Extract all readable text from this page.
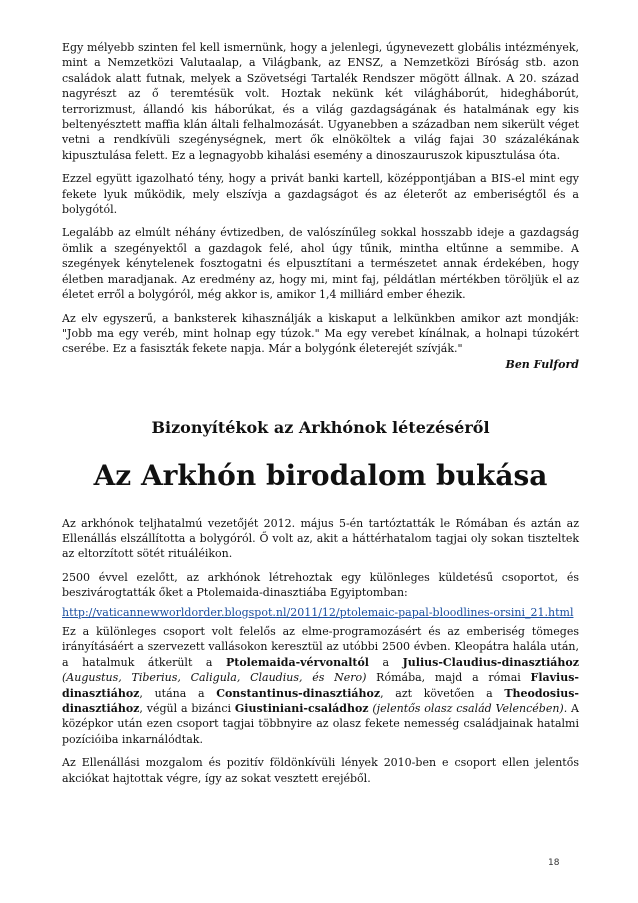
Egy mélyebb szinten fel kell ismernünk, hogy a jelenlegi, úgynevezett globális intézmények, mint a Nemzetközi Valutaalap, a Világbank, az ENSZ, a Nemzetközi Bíróság stb. azon családok alatt futnak, melyek a Szövetségi Tartalék Rendszer mögött állnak. A 20. század nagyrészt az ő teremtésük volt. Hoztak nekünk két világháborút, hidegháborút, terrorizmust, állandó kis háborúkat, és a világ gazdagságának és hatalmának egy kis beltenyésztett maffia klán általi felhalmozását. Ugyanebben a században nem sikerült véget vetni a rendkívüli szegénységnek, mert ők elnököltek a világ fajai 30 százalékának kipusztulása felett. Ez a legnagyobb kihalási esemény a dinoszauruszok kipusztulása óta.

Ezzel együtt igazolható tény, hogy a privát banki kartell, középpontjában a BIS-el mint egy fekete lyuk működik, mely elszívja a gazdagságot és az életerőt az emberiségtől és a bolygótól.

Legalább az elmúlt néhány évtizedben, de valószínűleg sokkal hosszabb ideje a gazdagság ömlik a szegényektől a gazdagok felé, ahol úgy tűnik, mintha eltűnne a semmibe. A szegények kénytelenek fosztogatni és elpusztítani a természetet annak érdekében, hogy életben maradjanak. Az eredmény az, hogy mi, mint faj, példátlan mértékben töröljük el az életet erről a bolygóról, még akkor is, amikor 1,4 milliárd ember éhezik.

Az elv egyszerű, a banksterek kihasználják a kiskaput a lelkünkben amikor azt mondják: "Jobb ma egy veréb, mint holnap egy túzok." Ma egy verebet kínálnak, a holnapi túzokért cserébe. Ez a fasiszták fekete napja. Már a bolygónk életerejét szívják."

Ben Fulford
Bizonyítékok az Arkhónok létezéséről
Az Arkhón birodalom bukása

Az arkhónok teljhatalmú vezetőjét 2012. május 5-én tartóztatták le Rómában és aztán az Ellenállás elszállította a bolygóról. Ő volt az, akit a háttérhatalom tagjai oly sokan tiszteltek az eltorzított sötét rituáléikon.

2500 évvel ezelőtt, az arkhónok létrehoztak egy különleges küldetésű csoportot, és beszivárogtatták őket a Ptolemaida-dinasztiába Egyiptomban:

http://vaticannewworldorder.blogspot.nl/2011/12/ptolemaic-papal-bloodlines-orsini_21.html

Ez a különleges csoport volt felelős az elme-programozásért és az emberiség tömeges irányításáért a szervezett vallásokon keresztül az utóbbi 2500 évben. Kleopátra halála után, a hatalmuk átkerült a Ptolemaida-vérvonaltól a Julius-Claudius-dinasztiához (Augustus, Tiberius, Caligula, Claudius, és Nero) Rómába, majd a római Flavius-dinasztiához, utána a Constantinus-dinasztiához, azt követően a Theodosius-dinasztiához, végül a bizánci Giustiniani-családhoz (jelentős olasz család Velencében). A középkor után ezen csoport tagjai többnyire az olasz fekete nemesség családjainak hatalmi pozícióiba inkarnálódtak.

Az Ellenállási mozgalom és pozitív földönkívüli lények 2010-ben e csoport ellen jelentős akciókat hajtottak végre, így az sokat vesztett erejéből.

18
